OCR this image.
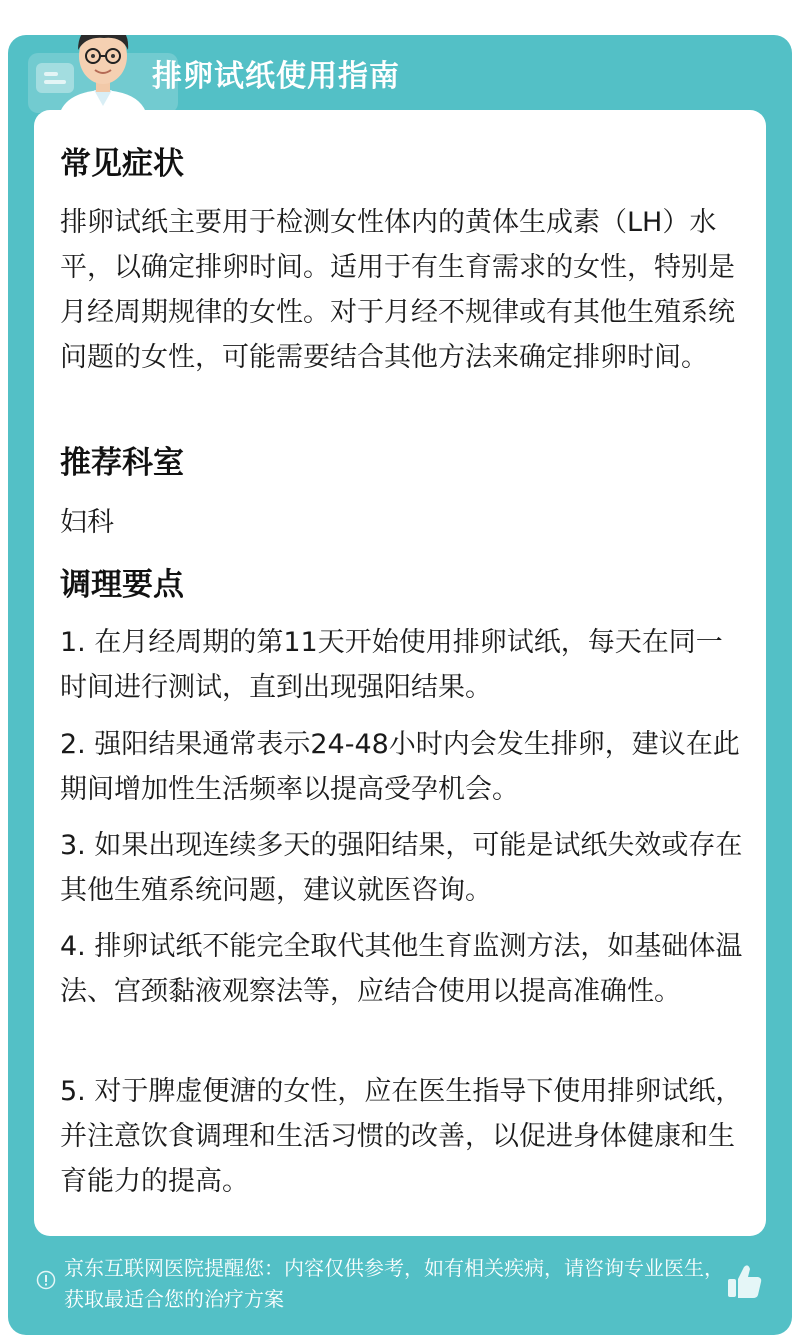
排卵试纸使用指南
常见症状

排卵试纸主要用于检测女性体内的黄体生成素（LH）水平，以确定排卵时间。适用于有生育需求的女性，特别是月经周期规律的女性。对于月经不规律或有其他生殖系统问题的女性，可能需要结合其他方法来确定排卵时间。

推荐科室

妇科

调理要点

1. 在月经周期的第11天开始使用排卵试纸，每天在同一时间进行测试，直到出现强阳结果。

2. 强阳结果通常表示24-48小时内会发生排卵，建议在此期间增加性生活频率以提高受孕机会。

3. 如果出现连续多天的强阳结果，可能是试纸失效或存在其他生殖系统问题，建议就医咨询。

4. 排卵试纸不能完全取代其他生育监测方法，如基础体温法、宫颈黏液观察法等，应结合使用以提高准确性。

5. 对于脾虚便溏的女性，应在医生指导下使用排卵试纸，并注意饮食调理和生活习惯的改善，以促进身体健康和生育能力的提高。

京东互联网医院提醒您：内容仅供参考，如有相关疾病，请咨询专业医生，获取最适合您的治疗方案
